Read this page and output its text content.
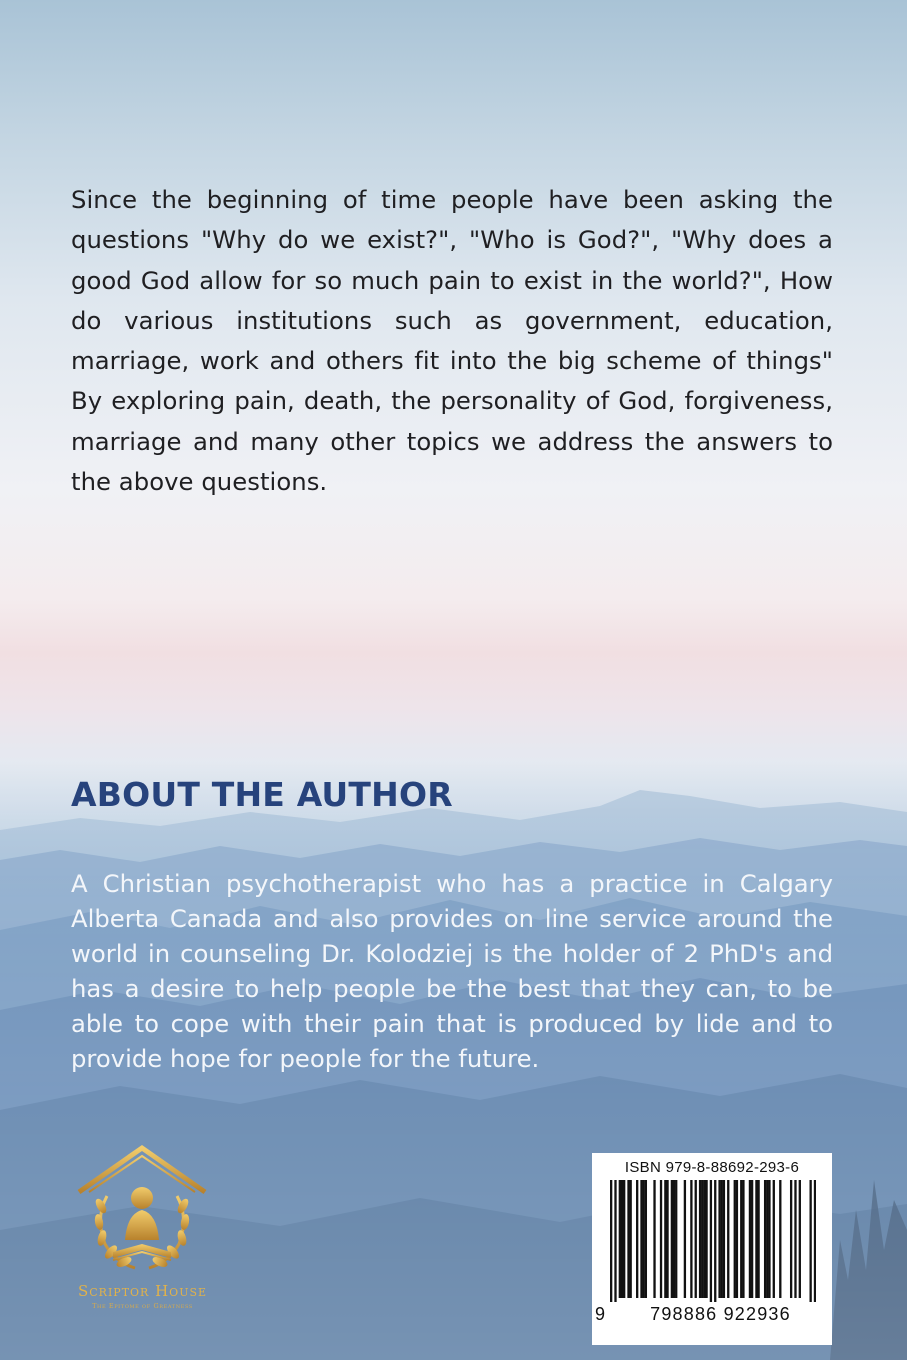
Since the beginning of time people have been asking the questions "Why do we exist?", "Who is God?", "Why does a good God allow for so much pain to exist in the world?", How do various institutions such as government, education, marriage, work and others fit into the big scheme of things" By exploring pain, death, the personality of God, forgiveness, marriage and many other topics we address the answers to the above questions.

ABOUT THE AUTHOR

A Christian psychotherapist who has a practice in Calgary Alberta Canada and also provides on line service around the world in counseling Dr. Kolodziej is the holder of 2 PhD's and has a desire to help people be the best that they can, to be able to cope with their pain that is produced by lide and to provide hope for people for the future.

Scriptor House
The Epitome of Greatness
ISBN 979-8-88692-293-6
9	798886 922936
